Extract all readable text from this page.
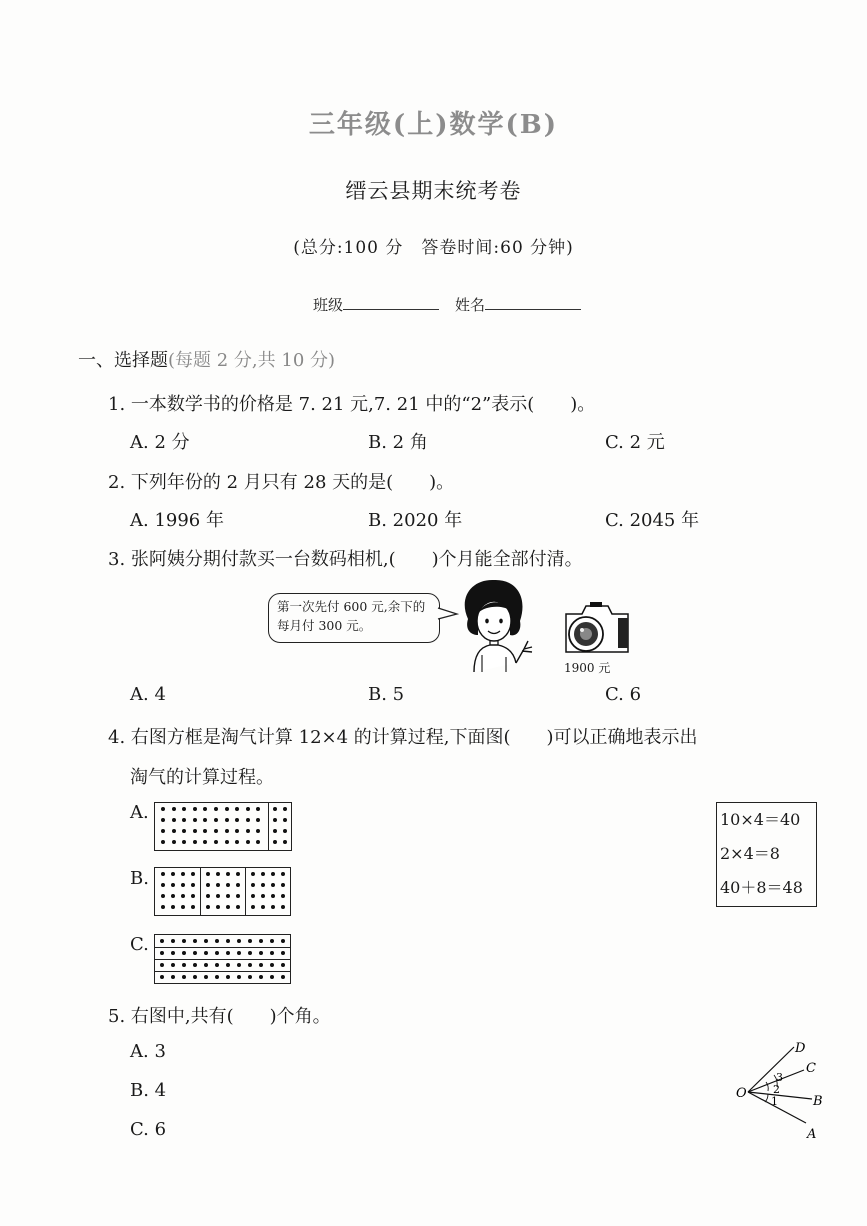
三年级(上)数学(B)
缙云县期末统考卷
(总分:100 分　答卷时间:60 分钟)
班级	姓名
一、选择题(每题 2 分,共 10 分)
1. 一本数学书的价格是 7. 21 元,7. 21 中的“2”表示(　　)。
A. 2 分	B. 2 角	C. 2 元
2. 下列年份的 2 月只有 28 天的是(　　)。
A. 1996 年	B. 2020 年	C. 2045 年
3. 张阿姨分期付款买一台数码相机,(　　)个月能全部付清。
第一次先付 600 元,余下的每月付 300 元。
1900 元
A. 4	B. 5	C. 6
4. 右图方框是淘气计算 12×4 的计算过程,下面图(　　)可以正确地表示出
淘气的计算过程。
A.
B.
C.
10×4＝40
2×4＝8
40＋8＝48
5. 右图中,共有(　　)个角。
A. 3
B. 4
C. 6
O
A
B
C
D
1
2
3
